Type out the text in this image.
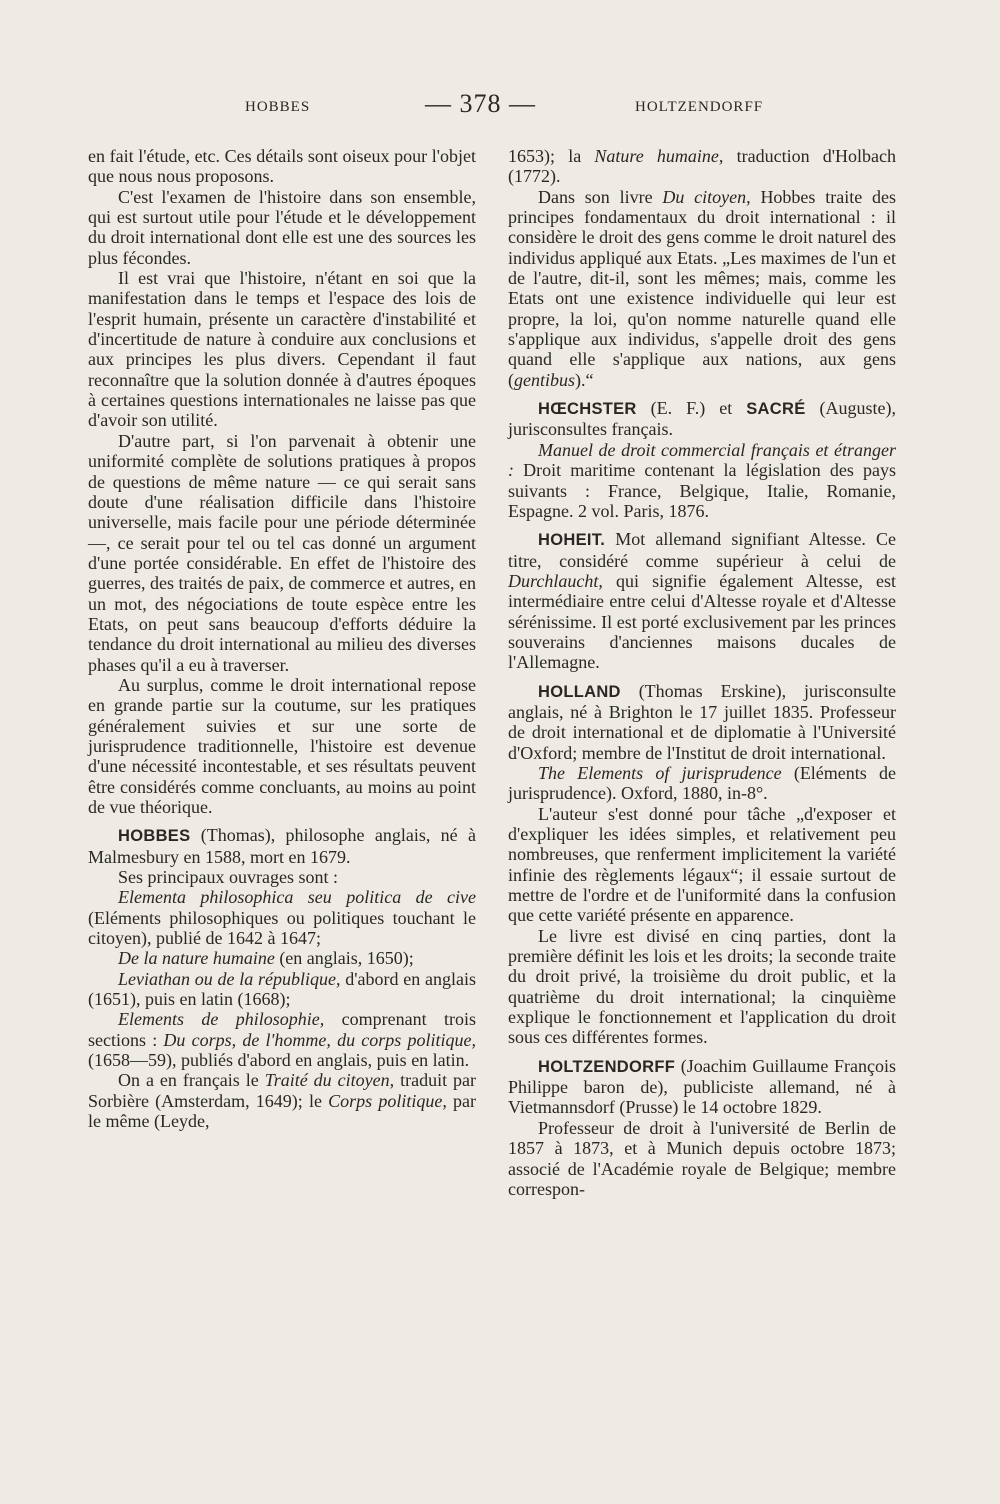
HOBBES	— 378 —	HOLTZENDORFF

en fait l'étude, etc. Ces détails sont oiseux pour l'objet que nous nous proposons.

C'est l'examen de l'histoire dans son ensemble, qui est surtout utile pour l'étude et le développement du droit international dont elle est une des sources les plus fécondes.

Il est vrai que l'histoire, n'étant en soi que la manifestation dans le temps et l'espace des lois de l'esprit humain, présente un caractère d'instabilité et d'incertitude de nature à conduire aux conclusions et aux principes les plus divers. Cependant il faut reconnaître que la solution donnée à d'autres époques à certaines questions internationales ne laisse pas que d'avoir son utilité.

D'autre part, si l'on parvenait à obtenir une uniformité complète de solutions pratiques à propos de questions de même nature — ce qui serait sans doute d'une réalisation difficile dans l'histoire universelle, mais facile pour une période déterminée —, ce serait pour tel ou tel cas donné un argument d'une portée considérable. En effet de l'histoire des guerres, des traités de paix, de commerce et autres, en un mot, des négociations de toute espèce entre les Etats, on peut sans beaucoup d'efforts déduire la tendance du droit international au milieu des diverses phases qu'il a eu à traverser.

Au surplus, comme le droit international repose en grande partie sur la coutume, sur les pratiques généralement suivies et sur une sorte de jurisprudence traditionnelle, l'histoire est devenue d'une nécessité incontestable, et ses résultats peuvent être considérés comme concluants, au moins au point de vue théorique.

HOBBES (Thomas), philosophe anglais, né à Malmesbury en 1588, mort en 1679.

Ses principaux ouvrages sont :

Elementa philosophica seu politica de cive (Eléments philosophiques ou politiques touchant le citoyen), publié de 1642 à 1647;

De la nature humaine (en anglais, 1650);

Leviathan ou de la république, d'abord en anglais (1651), puis en latin (1668);

Elements de philosophie, comprenant trois sections : Du corps, de l'homme, du corps politique, (1658—59), publiés d'abord en anglais, puis en latin.

On a en français le Traité du citoyen, traduit par Sorbière (Amsterdam, 1649); le Corps politique, par le même (Leyde,

1653); la Nature humaine, traduction d'Holbach (1772).

Dans son livre Du citoyen, Hobbes traite des principes fondamentaux du droit international : il considère le droit des gens comme le droit naturel des individus appliqué aux Etats. „Les maximes de l'un et de l'autre, dit-il, sont les mêmes; mais, comme les Etats ont une existence individuelle qui leur est propre, la loi, qu'on nomme naturelle quand elle s'applique aux individus, s'appelle droit des gens quand elle s'applique aux nations, aux gens (gentibus).“

HŒCHSTER (E. F.) et SACRÉ (Auguste), jurisconsultes français.

Manuel de droit commercial français et étranger : Droit maritime contenant la législation des pays suivants : France, Belgique, Italie, Romanie, Espagne. 2 vol. Paris, 1876.

HOHEIT. Mot allemand signifiant Altesse. Ce titre, considéré comme supérieur à celui de Durchlaucht, qui signifie également Altesse, est intermédiaire entre celui d'Altesse royale et d'Altesse sérénissime. Il est porté exclusivement par les princes souverains d'anciennes maisons ducales de l'Allemagne.

HOLLAND (Thomas Erskine), jurisconsulte anglais, né à Brighton le 17 juillet 1835. Professeur de droit international et de diplomatie à l'Université d'Oxford; membre de l'Institut de droit international.

The Elements of jurisprudence (Eléments de jurisprudence). Oxford, 1880, in-8°.

L'auteur s'est donné pour tâche „d'exposer et d'expliquer les idées simples, et relativement peu nombreuses, que renferment implicitement la variété infinie des règlements légaux“; il essaie surtout de mettre de l'ordre et de l'uniformité dans la confusion que cette variété présente en apparence.

Le livre est divisé en cinq parties, dont la première définit les lois et les droits; la seconde traite du droit privé, la troisième du droit public, et la quatrième du droit international; la cinquième explique le fonctionnement et l'application du droit sous ces différentes formes.

HOLTZENDORFF (Joachim Guillaume François Philippe baron de), publiciste allemand, né à Vietmannsdorf (Prusse) le 14 octobre 1829.

Professeur de droit à l'université de Berlin de 1857 à 1873, et à Munich depuis octobre 1873; associé de l'Académie royale de Belgique; membre correspon-
